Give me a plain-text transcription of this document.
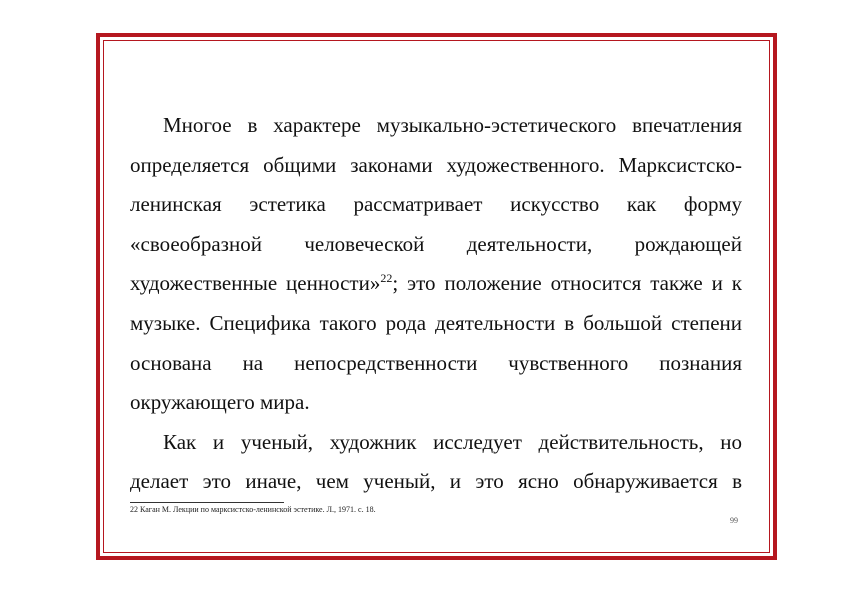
Многое в характере музыкально-эстетического впечатления
определяется общими законами художественного. Марксистско-
ленинская эстетика рассматривает искусство как форму
«своеобразной человеческой деятельности, рождающей
художественные ценности»$^{22}$; это положение относится также и к
музыке. Специфика такого рода деятельности в большой степени
основана на непосредственности чувственного познания
окружающего мира.
Как и ученый, художник исследует действительность, но
делает это иначе, чем ученый, и это ясно обнаруживается в
22 Каган М. Лекции по марксистско-ленинской эстетике. Л., 1971. с. 18.
99
